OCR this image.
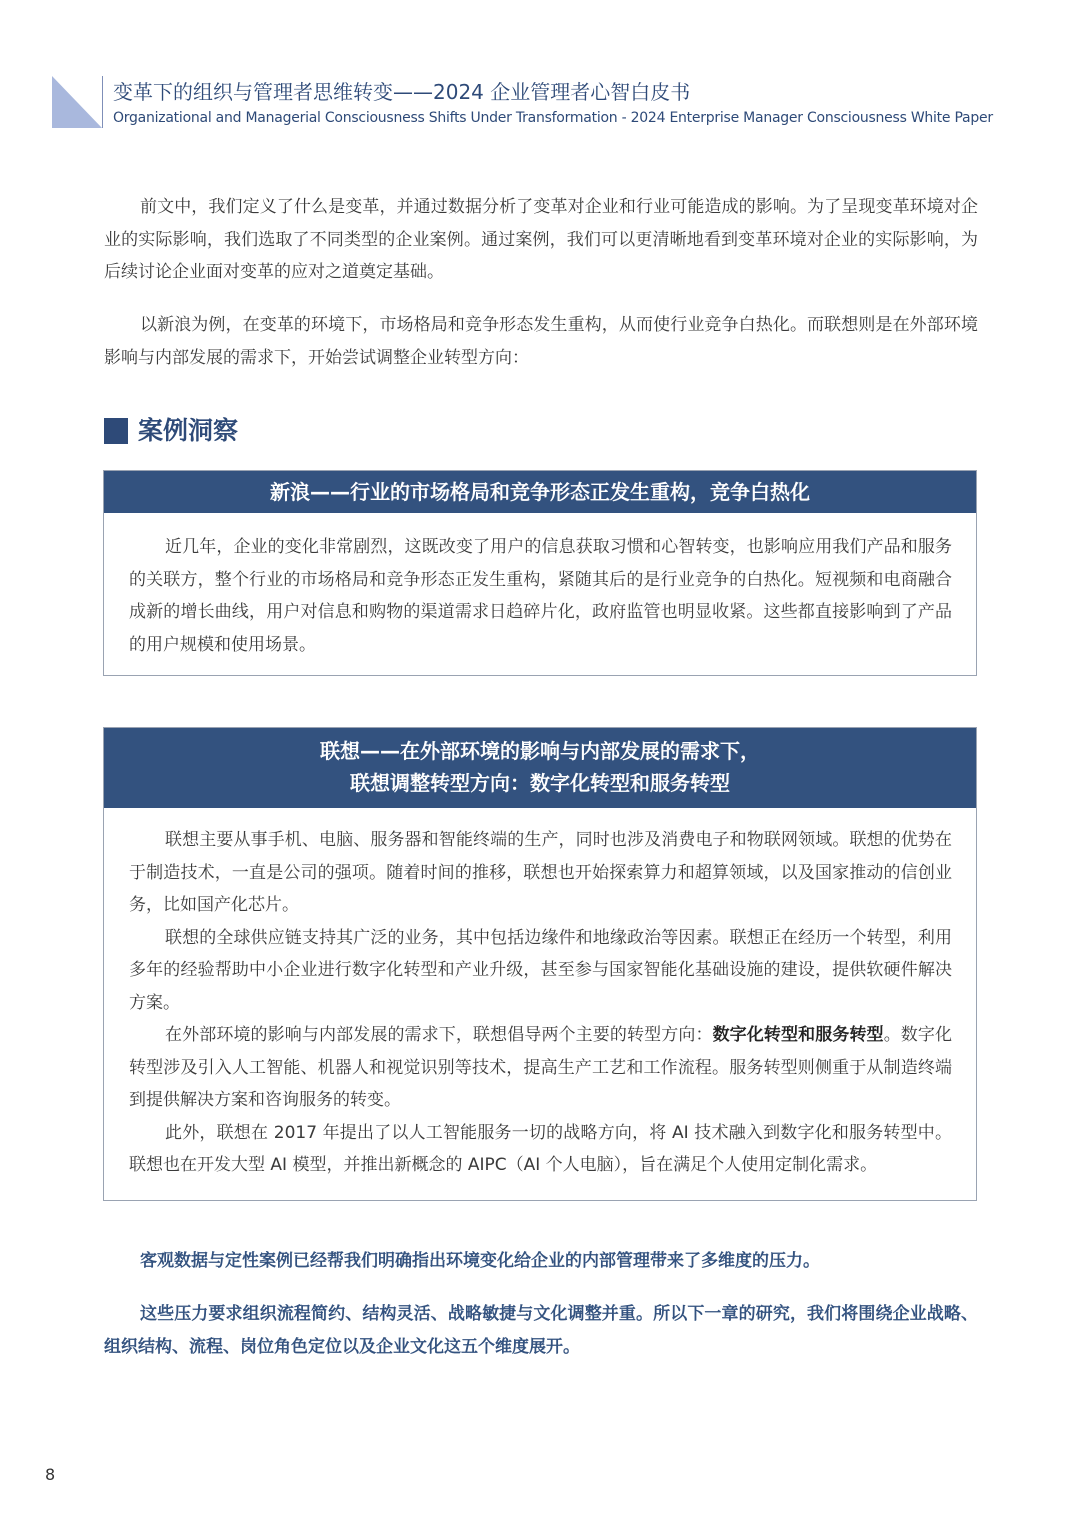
变革下的组织与管理者思维转变——2024 企业管理者心智白皮书
Organizational and Managerial Consciousness Shifts Under Transformation - 2024 Enterprise Manager Consciousness White Paper

前文中，我们定义了什么是变革，并通过数据分析了变革对企业和行业可能造成的影响。为了呈现变革环境对企业的实际影响，我们选取了不同类型的企业案例。通过案例，我们可以更清晰地看到变革环境对企业的实际影响，为后续讨论企业面对变革的应对之道奠定基础。

以新浪为例，在变革的环境下，市场格局和竞争形态发生重构，从而使行业竞争白热化。而联想则是在外部环境影响与内部发展的需求下，开始尝试调整企业转型方向：

案例洞察
新浪——行业的市场格局和竞争形态正发生重构，竞争白热化

近几年，企业的变化非常剧烈，这既改变了用户的信息获取习惯和心智转变，也影响应用我们产品和服务的关联方，整个行业的市场格局和竞争形态正发生重构，紧随其后的是行业竞争的白热化。短视频和电商融合成新的增长曲线，用户对信息和购物的渠道需求日趋碎片化，政府监管也明显收紧。这些都直接影响到了产品的用户规模和使用场景。

联想——在外部环境的影响与内部发展的需求下，
联想调整转型方向：数字化转型和服务转型

联想主要从事手机、电脑、服务器和智能终端的生产，同时也涉及消费电子和物联网领域。联想的优势在于制造技术，一直是公司的强项。随着时间的推移，联想也开始探索算力和超算领域，以及国家推动的信创业务，比如国产化芯片。

联想的全球供应链支持其广泛的业务，其中包括边缘件和地缘政治等因素。联想正在经历一个转型，利用多年的经验帮助中小企业进行数字化转型和产业升级，甚至参与国家智能化基础设施的建设，提供软硬件解决方案。

在外部环境的影响与内部发展的需求下，联想倡导两个主要的转型方向：数字化转型和服务转型。数字化转型涉及引入人工智能、机器人和视觉识别等技术，提高生产工艺和工作流程。服务转型则侧重于从制造终端到提供解决方案和咨询服务的转变。

此外，联想在 2017 年提出了以人工智能服务一切的战略方向，将 AI 技术融入到数字化和服务转型中。联想也在开发大型 AI 模型，并推出新概念的 AIPC（AI 个人电脑），旨在满足个人使用定制化需求。

客观数据与定性案例已经帮我们明确指出环境变化给企业的内部管理带来了多维度的压力。

这些压力要求组织流程简约、结构灵活、战略敏捷与文化调整并重。所以下一章的研究，我们将围绕企业战略、组织结构、流程、岗位角色定位以及企业文化这五个维度展开。

8
